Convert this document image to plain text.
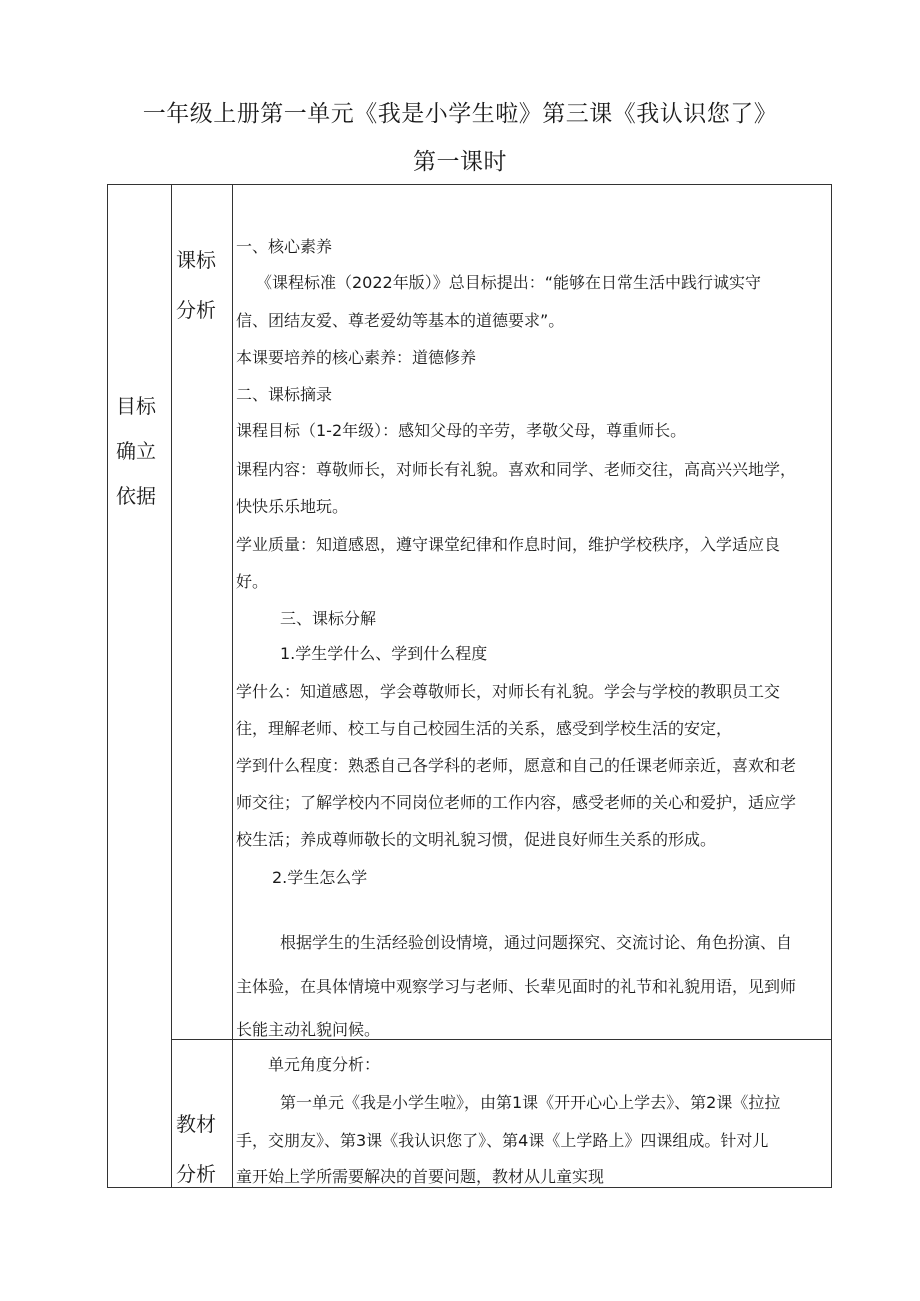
一年级上册第一单元《我是小学生啦》第三课《我认识您了》
第一课时
目标
确立
依据
课标
分析
教材
分析

一、核心素养

《课程标准（2022年版）》总目标提出：“能够在日常生活中践行诚实守

信、团结友爱、尊老爱幼等基本的道德要求”。

本课要培养的核心素养：道德修养

二、课标摘录

课程目标（1-2年级）：感知父母的辛劳，孝敬父母，尊重师长。

课程内容：尊敬师长，对师长有礼貌。喜欢和同学、老师交往，高高兴兴地学，

快快乐乐地玩。

学业质量：知道感恩，遵守课堂纪律和作息时间，维护学校秩序，入学适应良

好。

三、课标分解

1.学生学什么、学到什么程度

学什么：知道感恩，学会尊敬师长，对师长有礼貌。学会与学校的教职员工交

往，理解老师、校工与自己校园生活的关系，感受到学校生活的安定，

学到什么程度：熟悉自己各学科的老师，愿意和自己的任课老师亲近，喜欢和老

师交往；了解学校内不同岗位老师的工作内容，感受老师的关心和爱护，适应学

校生活；养成尊师敬长的文明礼貌习惯，促进良好师生关系的形成。

2.学生怎么学

根据学生的生活经验创设情境，通过问题探究、交流讨论、角色扮演、自

主体验，在具体情境中观察学习与老师、长辈见面时的礼节和礼貌用语，见到师

长能主动礼貌问候。

单元角度分析：

第一单元《我是小学生啦》，由第1课《开开心心上学去》、第2课《拉拉

手，交朋友》、第3课《我认识您了》、第4课《上学路上》四课组成。针对儿

童开始上学所需要解决的首要问题，教材从儿童实现
